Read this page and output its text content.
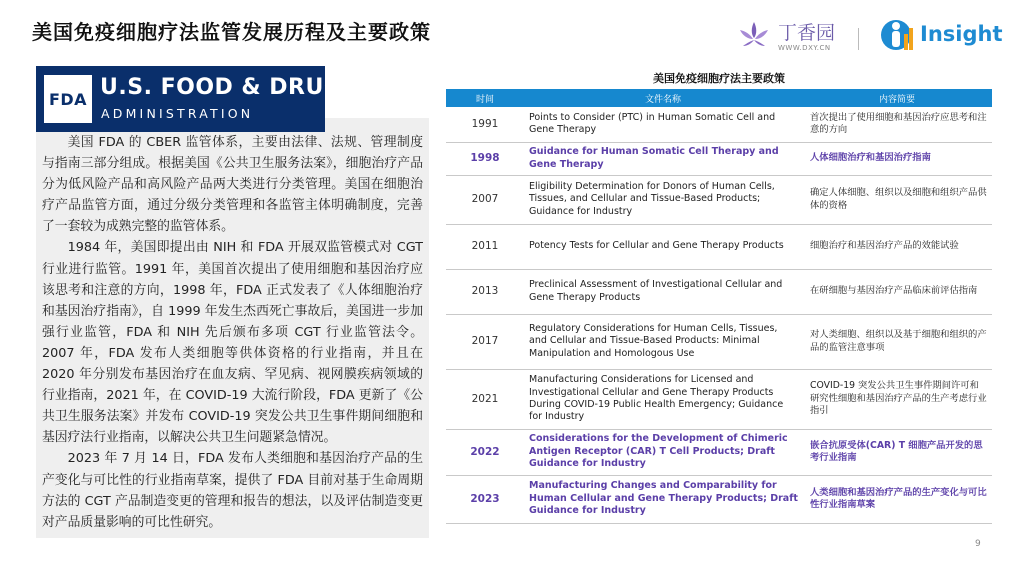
美国免疫细胞疗法监管发展历程及主要政策	丁香园
WWW.DXY.CN
Insight

美国 FDA 的 CBER 监管体系，主要由法律、法规、管理制度与指南三部分组成。根据美国《公共卫生服务法案》，细胞治疗产品分为低风险产品和高风险产品两大类进行分类管理。美国在细胞治疗产品监管方面，通过分级分类管理和各监管主体明确制度，完善了一套较为成熟完整的监管体系。

1984 年，美国即提出由 NIH 和 FDA 开展双监管模式对 CGT 行业进行监管。1991 年，美国首次提出了使用细胞和基因治疗应该思考和注意的方向，1998 年，FDA 正式发表了《人体细胞治疗和基因治疗指南》，自 1999 年发生杰西死亡事故后，美国进一步加强行业监管，FDA 和 NIH 先后颁布多项 CGT 行业监管法令。2007 年，FDA 发布人类细胞等供体资格的行业指南，并且在 2020 年分别发布基因治疗在血友病、罕见病、视网膜疾病领域的行业指南，2021 年，在 COVID-19 大流行阶段，FDA 更新了《公共卫生服务法案》并发布 COVID-19 突发公共卫生事件期间细胞和基因疗法行业指南，以解决公共卫生问题紧急情况。

2023 年 7 月 14 日，FDA 发布人类细胞和基因治疗产品的生产变化与可比性的行业指南草案，提供了 FDA 目前对基于生命周期方法的 CGT 产品制造变更的管理和报告的想法，以及评估制造变更对产品质量影响的可比性研究。

FDA U.S. FOOD & DRUG
ADMINISTRATION
美国免疫细胞疗法主要政策
时间	文件名称	内容简要
1991	Points to Consider (PTC) in Human Somatic Cell and Gene Therapy	首次提出了使用细胞和基因治疗应思考和注意的方向
1998	Guidance for Human Somatic Cell Therapy and Gene Therapy	人体细胞治疗和基因治疗指南
2007	Eligibility Determination for Donors of Human Cells, Tissues, and Cellular and Tissue-Based Products; Guidance for Industry	确定人体细胞、组织以及细胞和组织产品供体的资格
2011	Potency Tests for Cellular and Gene Therapy Products	细胞治疗和基因治疗产品的效能试验
2013	Preclinical Assessment of Investigational Cellular and Gene Therapy Products	在研细胞与基因治疗产品临床前评估指南
2017	Regulatory Considerations for Human Cells, Tissues, and Cellular and Tissue-Based Products: Minimal Manipulation and Homologous Use	对人类细胞、组织以及基于细胞和组织的产品的监管注意事项
2021	Manufacturing Considerations for Licensed and Investigational Cellular and Gene Therapy Products During COVID-19 Public Health Emergency; Guidance for Industry	COVID-19 突发公共卫生事件期间许可和研究性细胞和基因治疗产品的生产考虑行业指引
2022	Considerations for the Development of Chimeric Antigen Receptor (CAR) T Cell Products; Draft Guidance for Industry	嵌合抗原受体(CAR) T 细胞产品开发的思考行业指南
2023	Manufacturing Changes and Comparability for Human Cellular and Gene Therapy Products; Draft Guidance for Industry	人类细胞和基因治疗产品的生产变化与可比性行业指南草案
9
